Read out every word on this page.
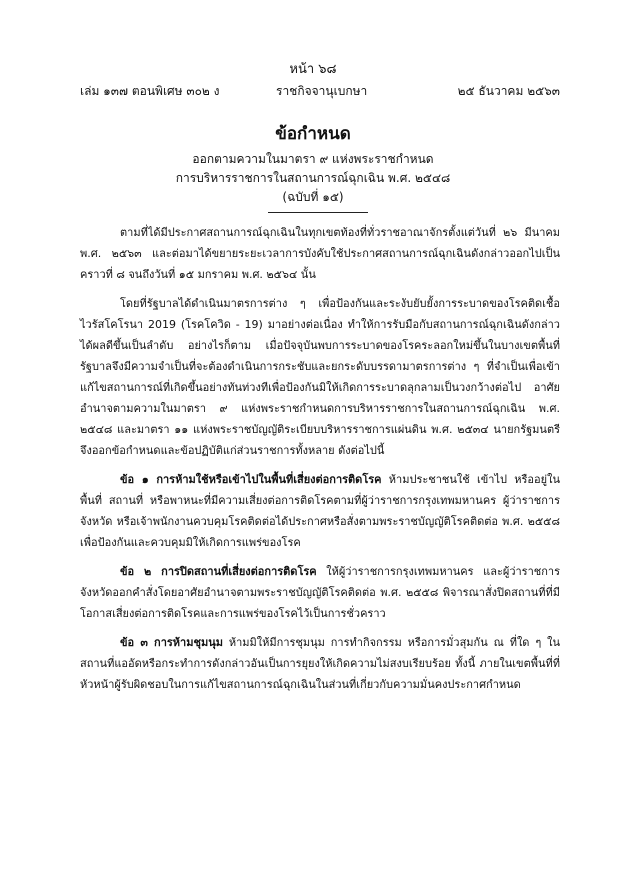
หน้า ๖๘
เล่ม ๑๓๗ ตอนพิเศษ ๓๐๒ ง	ราชกิจจานุเบกษา	๒๕ ธันวาคม ๒๕๖๓
ข้อกำหนด
ออกตามความในมาตรา ๙ แห่งพระราชกำหนด
การบริหารราชการในสถานการณ์ฉุกเฉิน พ.ศ. ๒๕๔๘
(ฉบับที่ ๑๕)

ตามที่ได้มีประกาศสถานการณ์ฉุกเฉินในทุกเขตท้องที่ทั่วราชอาณาจักรตั้งแต่วันที่ ๒๖ มีนาคม พ.ศ. ๒๕๖๓ และต่อมาได้ขยายระยะเวลาการบังคับใช้ประกาศสถานการณ์ฉุกเฉินดังกล่าวออกไปเป็นคราวที่ ๘ จนถึงวันที่ ๑๕ มกราคม พ.ศ. ๒๕๖๔ นั้น

โดยที่รัฐบาลได้ดำเนินมาตรการต่าง ๆ เพื่อป้องกันและระงับยับยั้งการระบาดของโรคติดเชื้อไวรัสโคโรนา 2019 (โรคโควิด - 19) มาอย่างต่อเนื่อง ทำให้การรับมือกับสถานการณ์ฉุกเฉินดังกล่าวได้ผลดีขึ้นเป็นลำดับ อย่างไรก็ตาม เมื่อปัจจุบันพบการระบาดของโรคระลอกใหม่ขึ้นในบางเขตพื้นที่ รัฐบาลจึงมีความจำเป็นที่จะต้องดำเนินการกระชับและยกระดับบรรดามาตรการต่าง ๆ ที่จำเป็นเพื่อเข้าแก้ไขสถานการณ์ที่เกิดขึ้นอย่างทันท่วงทีเพื่อป้องกันมิให้เกิดการระบาดลุกลามเป็นวงกว้างต่อไป อาศัยอำนาจตามความในมาตรา ๙ แห่งพระราชกำหนดการบริหารราชการในสถานการณ์ฉุกเฉิน พ.ศ. ๒๕๔๘ และมาตรา ๑๑ แห่งพระราชบัญญัติระเบียบบริหารราชการแผ่นดิน พ.ศ. ๒๕๓๔ นายกรัฐมนตรีจึงออกข้อกำหนดและข้อปฏิบัติแก่ส่วนราชการทั้งหลาย ดังต่อไปนี้

ข้อ ๑ การห้ามใช้หรือเข้าไปในพื้นที่เสี่ยงต่อการติดโรค ห้ามประชาชนใช้ เข้าไป หรืออยู่ในพื้นที่ สถานที่ หรือพาหนะที่มีความเสี่ยงต่อการติดโรคตามที่ผู้ว่าราชการกรุงเทพมหานคร ผู้ว่าราชการจังหวัด หรือเจ้าพนักงานควบคุมโรคติดต่อได้ประกาศหรือสั่งตามพระราชบัญญัติโรคติดต่อ พ.ศ. ๒๕๕๘ เพื่อป้องกันและควบคุมมิให้เกิดการแพร่ของโรค

ข้อ ๒ การปิดสถานที่เสี่ยงต่อการติดโรค ให้ผู้ว่าราชการกรุงเทพมหานคร และผู้ว่าราชการจังหวัดออกคำสั่งโดยอาศัยอำนาจตามพระราชบัญญัติโรคติดต่อ พ.ศ. ๒๕๕๘ พิจารณาสั่งปิดสถานที่ที่มีโอกาสเสี่ยงต่อการติดโรคและการแพร่ของโรคไว้เป็นการชั่วคราว

ข้อ ๓ การห้ามชุมนุม ห้ามมิให้มีการชุมนุม การทำกิจกรรม หรือการมั่วสุมกัน ณ ที่ใด ๆ ในสถานที่แออัดหรือกระทำการดังกล่าวอันเป็นการยุยงให้เกิดความไม่สงบเรียบร้อย ทั้งนี้ ภายในเขตพื้นที่ที่หัวหน้าผู้รับผิดชอบในการแก้ไขสถานการณ์ฉุกเฉินในส่วนที่เกี่ยวกับความมั่นคงประกาศกำหนด
